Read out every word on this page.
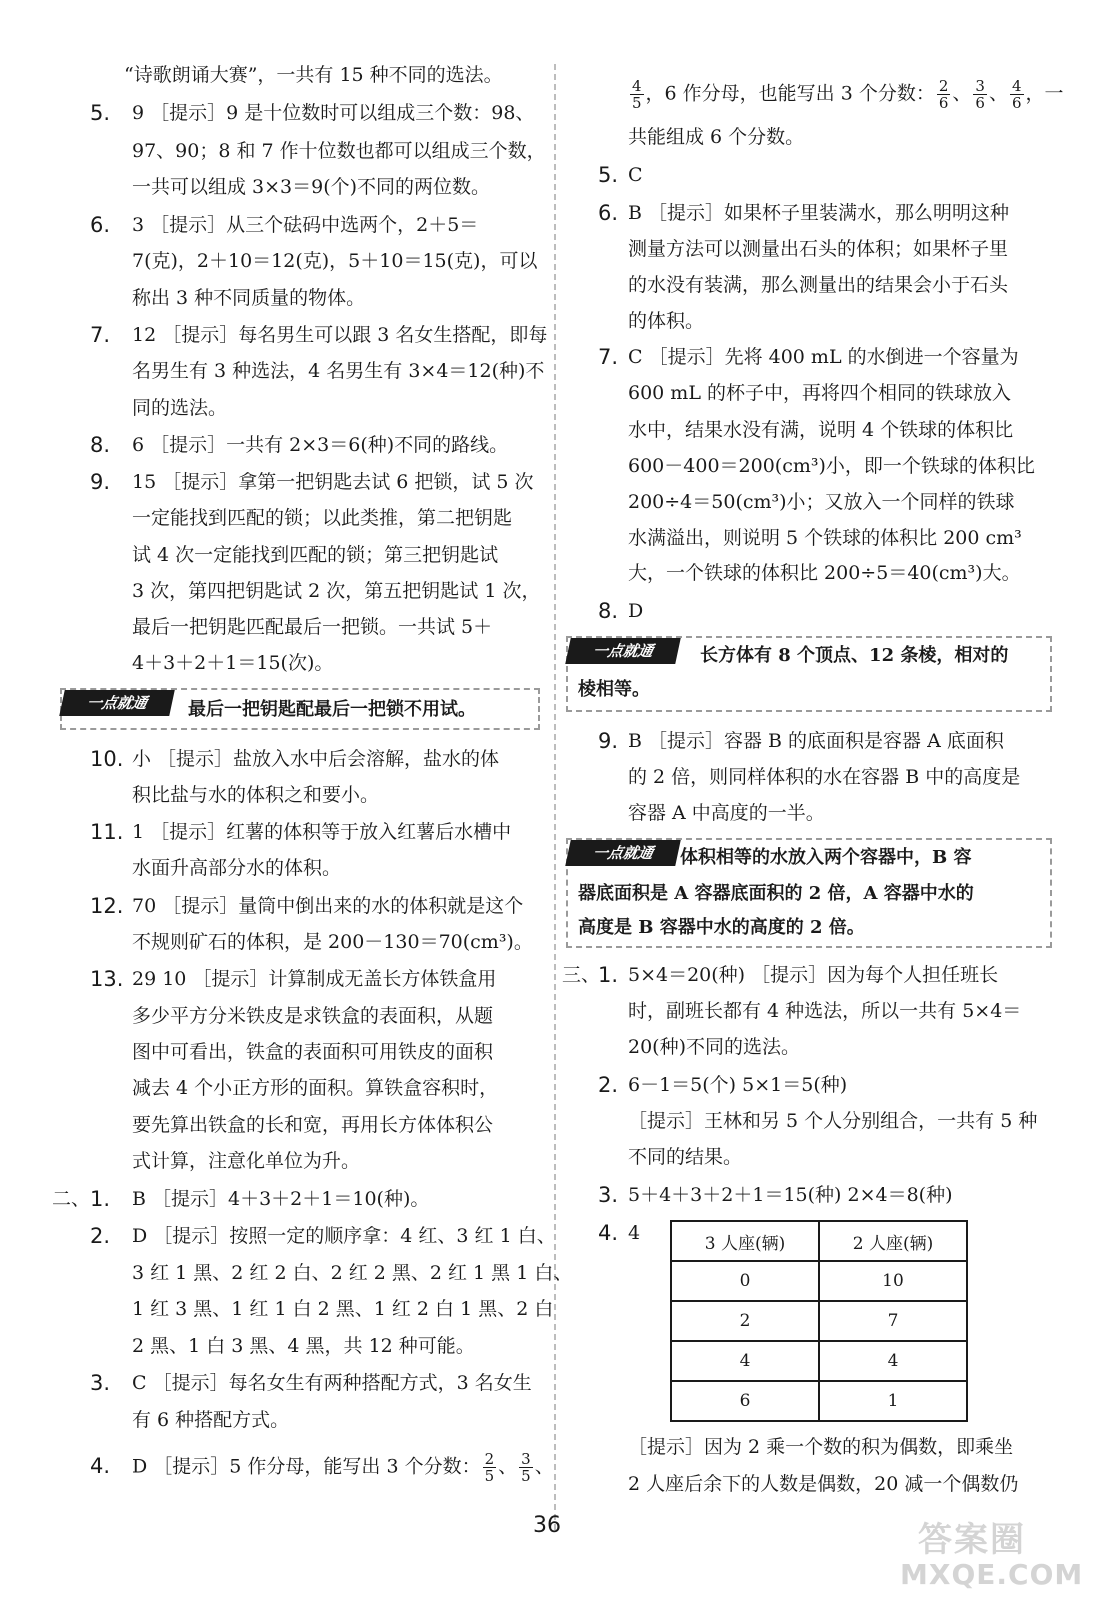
“诗歌朗诵大赛”，一共有 15 种不同的选法。
5. 9 ［提示］9 是十位数时可以组成三个数：98、
97、90；8 和 7 作十位数也都可以组成三个数，
一共可以组成 3×3＝9(个)不同的两位数。
6. 3 ［提示］从三个砝码中选两个，2＋5＝
7(克)，2＋10＝12(克)，5＋10＝15(克)，可以
称出 3 种不同质量的物体。
7. 12 ［提示］每名男生可以跟 3 名女生搭配，即每
名男生有 3 种选法，4 名男生有 3×4＝12(种)不
同的选法。
8. 6 ［提示］一共有 2×3＝6(种)不同的路线。
9. 15 ［提示］拿第一把钥匙去试 6 把锁，试 5 次
一定能找到匹配的锁；以此类推，第二把钥匙
试 4 次一定能找到匹配的锁；第三把钥匙试
3 次，第四把钥匙试 2 次，第五把钥匙试 1 次，
最后一把钥匙匹配最后一把锁。一共试 5＋
4＋3＋2＋1＝15(次)。
一点就通	最后一把钥匙配最后一把锁不用试。
10. 小 ［提示］盐放入水中后会溶解，盐水的体
积比盐与水的体积之和要小。
11. 1 ［提示］红薯的体积等于放入红薯后水槽中
水面升高部分水的体积。
12. 70 ［提示］量筒中倒出来的水的体积就是这个
不规则矿石的体积，是 200－130＝70(cm³)。
13. 29 10 ［提示］计算制成无盖长方体铁盒用
多少平方分米铁皮是求铁盒的表面积，从题
图中可看出，铁盒的表面积可用铁皮的面积
减去 4 个小正方形的面积。算铁盒容积时，
要先算出铁盒的长和宽，再用长方体体积公
式计算，注意化单位为升。
二、 1. B ［提示］4＋3＋2＋1＝10(种)。
2. D ［提示］按照一定的顺序拿：4 红、3 红 1 白、
3 红 1 黑、2 红 2 白、2 红 2 黑、2 红 1 黑 1 白、
1 红 3 黑、1 红 1 白 2 黑、1 红 2 白 1 黑、2 白
2 黑、1 白 3 黑、4 黑，共 12 种可能。
3. C ［提示］每名女生有两种搭配方式，3 名女生
有 6 种搭配方式。
4. D ［提示］5 作分母，能写出 3 个分数： $\frac{2}{5}$ 、 $\frac{3}{5}$ 、
$\frac{4}{5}$ ，6 作分母，也能写出 3 个分数： $\frac{2}{6}$ 、 $\frac{3}{6}$ 、 $\frac{4}{6}$ ，一
共能组成 6 个分数。
5. C
6. B ［提示］如果杯子里装满水，那么明明这种
测量方法可以测量出石头的体积；如果杯子里
的水没有装满，那么测量出的结果会小于石头
的体积。
7. C ［提示］先将 400 mL 的水倒进一个容量为
600 mL 的杯子中，再将四个相同的铁球放入
水中，结果水没有满，说明 4 个铁球的体积比
600－400＝200(cm³)小，即一个铁球的体积比
200÷4＝50(cm³)小；又放入一个同样的铁球
水满溢出，则说明 5 个铁球的体积比 200 cm³
大，一个铁球的体积比 200÷5＝40(cm³)大。
8. D
一点就通	长方体有 8 个顶点、12 条棱，相对的
棱相等。
9. B ［提示］容器 B 的底面积是容器 A 底面积
的 2 倍，则同样体积的水在容器 B 中的高度是
容器 A 中高度的一半。
一点就通	体积相等的水放入两个容器中，B 容
器底面积是 A 容器底面积的 2 倍，A 容器中水的
高度是 B 容器中水的高度的 2 倍。
三、
1. 5×4＝20(种) ［提示］因为每个人担任班长
时，副班长都有 4 种选法，所以一共有 5×4＝
20(种)不同的选法。
2. 6－1＝5(个) 5×1＝5(种)
［提示］王林和另 5 个人分别组合，一共有 5 种
不同的结果。
3. 5＋4＋3＋2＋1＝15(种) 2×4＝8(种)
4. 4	3 人座(辆)	2 人座(辆)
0	10
2	7
4	4
6	1
［提示］因为 2 乘一个数的积为偶数，即乘坐
2 人座后余下的人数是偶数，20 减一个偶数仍
36	答案圈
MXQE.COM
